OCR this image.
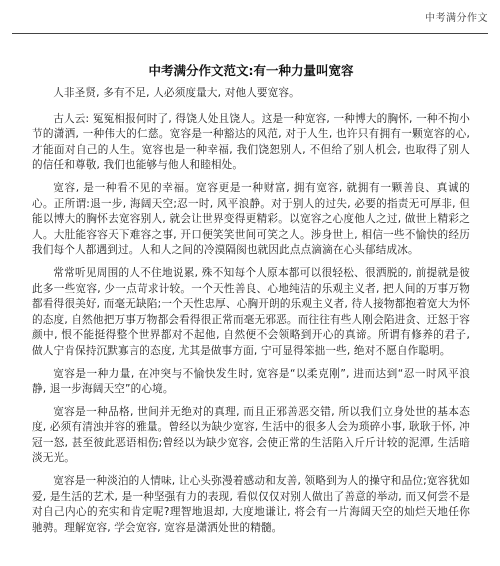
中考满分作文
中考满分作文范文:有一种力量叫宽容

人非圣贤, 多有不足, 人必须度量大, 对他人要宽容。

古人云: 冤冤相报何时了, 得饶人处且饶人。这是一种宽容, 一种博大的胸怀, 一种不拘小节的潇洒, 一种伟大的仁慈。宽容是一种豁达的风范, 对于人生, 也许只有拥有一颗宽容的心, 才能面对自己的人生。宽容也是一种幸福, 我们饶恕别人, 不但给了别人机会, 也取得了别人的信任和尊敬, 我们也能够与他人和睦相处。

宽容, 是一种看不见的幸福。宽容更是一种财富, 拥有宽容, 就拥有一颗善良、真诚的心。正所谓:退一步, 海阔天空;忍一时, 风平浪静。对于别人的过失, 必要的指责无可厚非, 但能以博大的胸怀去宽容别人, 就会让世界变得更精彩。以宽容之心度他人之过, 做世上精彩之人。大肚能容容天下难容之事, 开口便笑笑世间可笑之人。涉身世上, 相信一些不愉快的经历我们每个人都遇到过。人和人之间的冷漠隔阂也就因此点点滴滴在心头郁结成冰。

常常听见周围的人不住地说累, 殊不知每个人原本都可以很轻松、很洒脱的, 前提就是彼此多一些宽容, 少一点苛求计较。一个天性善良、心地纯洁的乐观主义者, 把人间的万事万物都看得很美好, 而毫无缺陷;一个天性忠厚、心胸开朗的乐观主义者, 待人接物都抱着宽大为怀的态度, 自然他把万事万物都会看得很正常而毫无邪恶。而往往有些人刚会陷进贪、迂怒于容颜中, 恨不能挺得整个世界都对不起他, 自然便不会领略到开心的真谛。所谓有修养的君子, 做人宁肯保持沉默寡言的态度, 尤其是做事方面, 宁可显得笨拙一些, 绝对不愿自作聪明。

宽容是一种力量, 在冲突与不愉快发生时, 宽容是“以柔克刚”, 进而达到“忍一时风平浪静, 退一步海阔天空”的心境。

宽容是一种品格, 世间并无绝对的真理, 而且正邪善恶交错, 所以我们立身处世的基本态度, 必须有清浊并容的雅量。曾经以为缺少宽容, 生活中的很多人会为琐碎小事, 耿耿于怀, 冲冠一怒, 甚至彼此恶语相伤;曾经以为缺少宽容, 会使正常的生活陷入斤斤计较的泥潭, 生活暗淡无光。

宽容是一种淡泊的人情味, 让心头弥漫着感动和友善, 领略到为人的操守和品位;宽容犹如爱, 是生活的艺术, 是一种坚强有力的表现, 看似仅仅对别人做出了善意的举动, 而又何尝不是对自己内心的充实和肯定呢?理智地退却, 大度地谦让, 将会有一片海阔天空的灿烂天地任你驰骋。理解宽容, 学会宽容, 宽容是潇洒处世的精髓。
